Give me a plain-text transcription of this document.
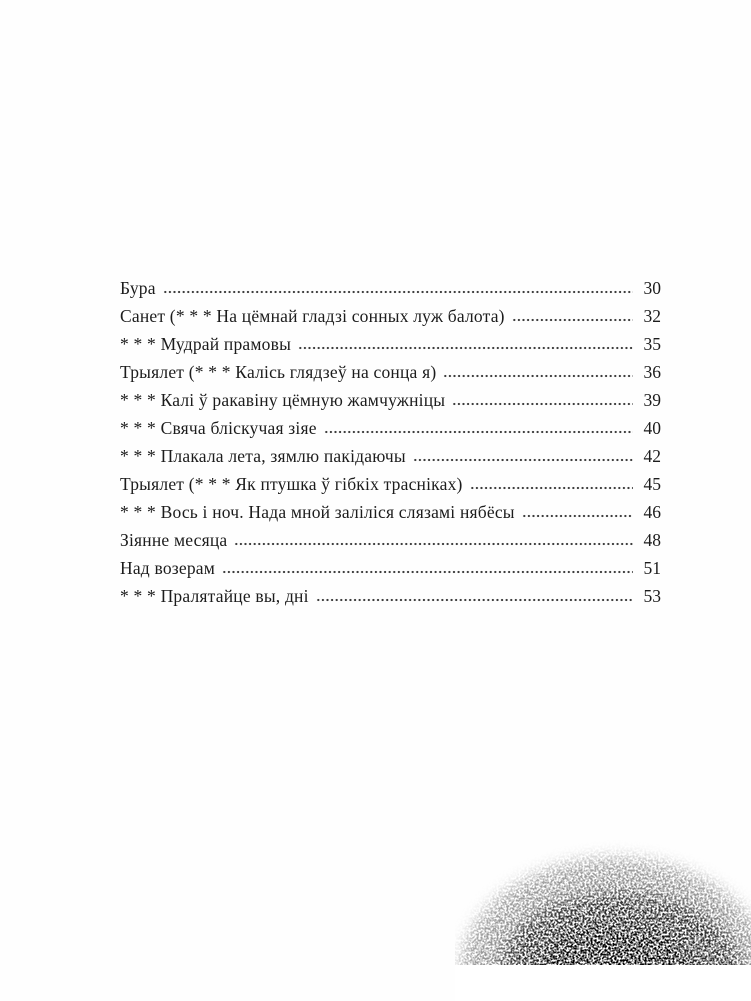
Бура	30
Санет (* * * На цёмнай гладзі сонных луж балота)	32
* * * Мудрай прамовы	35
Трыялет (* * * Калісь глядзеў на сонца я)	36
* * * Калі ў ракавіну цёмную жамчужніцы	39
* * * Свяча бліскучая зіяе	40
* * * Плакала лета, зямлю пакідаючы	42
Трыялет (* * * Як птушка ў гібкіх трасніках)	45
* * * Вось і ноч. Нада мной заліліся слязамі нябёсы	46
Зіянне месяца	48
Над возерам	51
* * * Пралятайце вы, дні	53
